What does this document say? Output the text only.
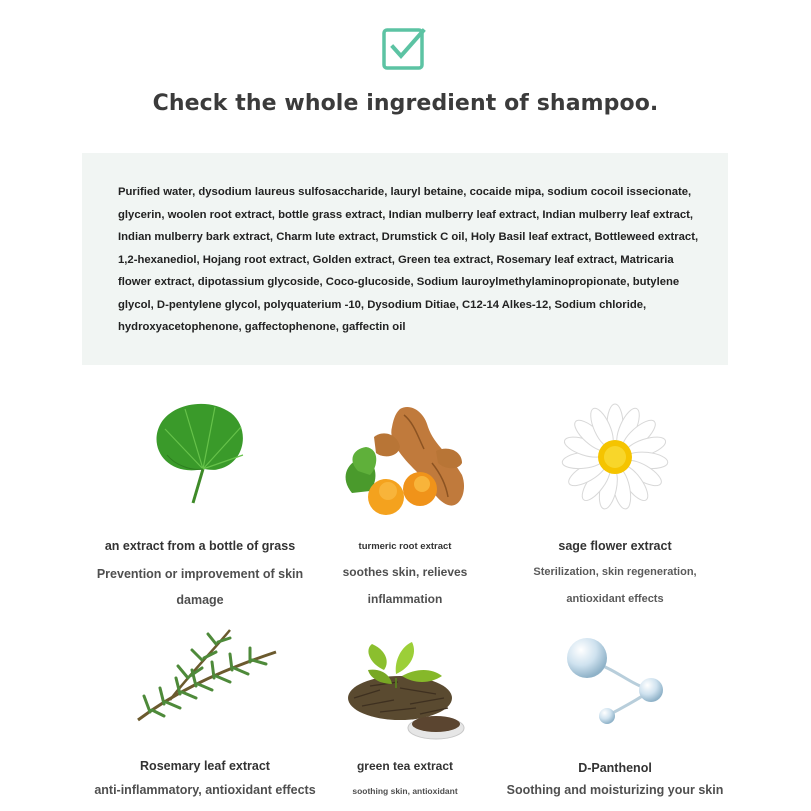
Check the whole ingredient of shampoo.
Purified water, dysodium laureus sulfosaccharide, lauryl betaine, cocaide mipa, sodium cocoil issecionate, glycerin, woolen root extract, bottle grass extract, Indian mulberry leaf extract, Indian mulberry leaf extract, Indian mulberry bark extract, Charm lute extract, Drumstick C oil, Holy Basil leaf extract, Bottleweed extract, 1,2-hexanediol, Hojang root extract, Golden extract, Green tea extract, Rosemary leaf extract, Matricaria flower extract, dipotassium glycoside, Coco-glucoside, Sodium lauroylmethylaminopropionate, butylene glycol, D-pentylene glycol, polyquaterium -10, Dysodium Ditiae, C12-14 Alkes-12, Sodium chloride, hydroxyacetophenone, gaffectophenone, gaffectin oil
an extract from a bottle of grass
Prevention or improvement of skin damage
turmeric root extract
soothes skin, relieves inflammation
sage flower extract
Sterilization, skin regeneration, antioxidant effects
Rosemary leaf extract
anti-inflammatory, antioxidant effects
green tea extract
soothing skin, antioxidant
D-Panthenol
Soothing and moisturizing your skin
